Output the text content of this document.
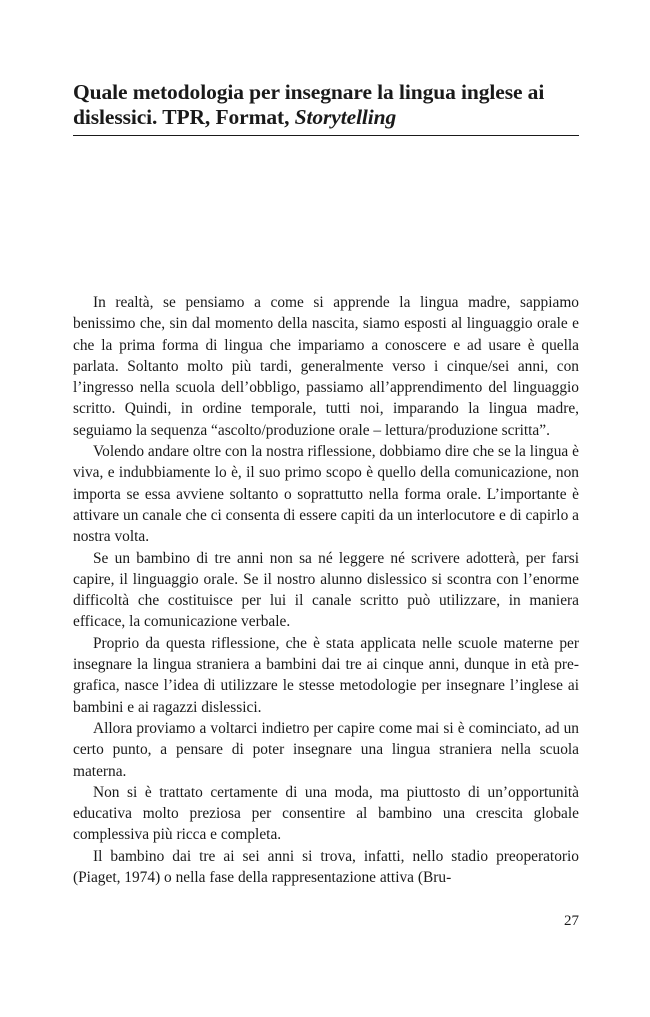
Quale metodologia per insegnare la lingua inglese ai dislessici. TPR, Format, Storytelling

In realtà, se pensiamo a come si apprende la lingua madre, sappiamo benissimo che, sin dal momento della nascita, siamo esposti al linguaggio orale e che la prima forma di lingua che impariamo a conoscere e ad usare è quella parlata. Soltanto molto più tardi, generalmente verso i cinque/sei anni, con l’ingresso nella scuola dell’obbligo, passiamo all’apprendimento del linguaggio scritto. Quindi, in ordine temporale, tutti noi, imparando la lingua madre, seguiamo la sequenza “ascolto/produzione orale – lettura/produzione scritta”.

Volendo andare oltre con la nostra riflessione, dobbiamo dire che se la lingua è viva, e indubbiamente lo è, il suo primo scopo è quello della comunicazione, non importa se essa avviene soltanto o soprattutto nella forma orale. L’importante è attivare un canale che ci consenta di essere capiti da un interlocutore e di capirlo a nostra volta.

Se un bambino di tre anni non sa né leggere né scrivere adotterà, per farsi capire, il linguaggio orale. Se il nostro alunno dislessico si scontra con l’enorme difficoltà che costituisce per lui il canale scritto può utilizzare, in maniera efficace, la comunicazione verbale.

Proprio da questa riflessione, che è stata applicata nelle scuole materne per insegnare la lingua straniera a bambini dai tre ai cinque anni, dunque in età pre-grafica, nasce l’idea di utilizzare le stesse metodologie per insegnare l’inglese ai bambini e ai ragazzi dislessici.

Allora proviamo a voltarci indietro per capire come mai si è cominciato, ad un certo punto, a pensare di poter insegnare una lingua straniera nella scuola materna.

Non si è trattato certamente di una moda, ma piuttosto di un’opportunità educativa molto preziosa per consentire al bambino una crescita globale complessiva più ricca e completa.

Il bambino dai tre ai sei anni si trova, infatti, nello stadio preoperatorio (Piaget, 1974) o nella fase della rappresentazione attiva (Bru-

27
